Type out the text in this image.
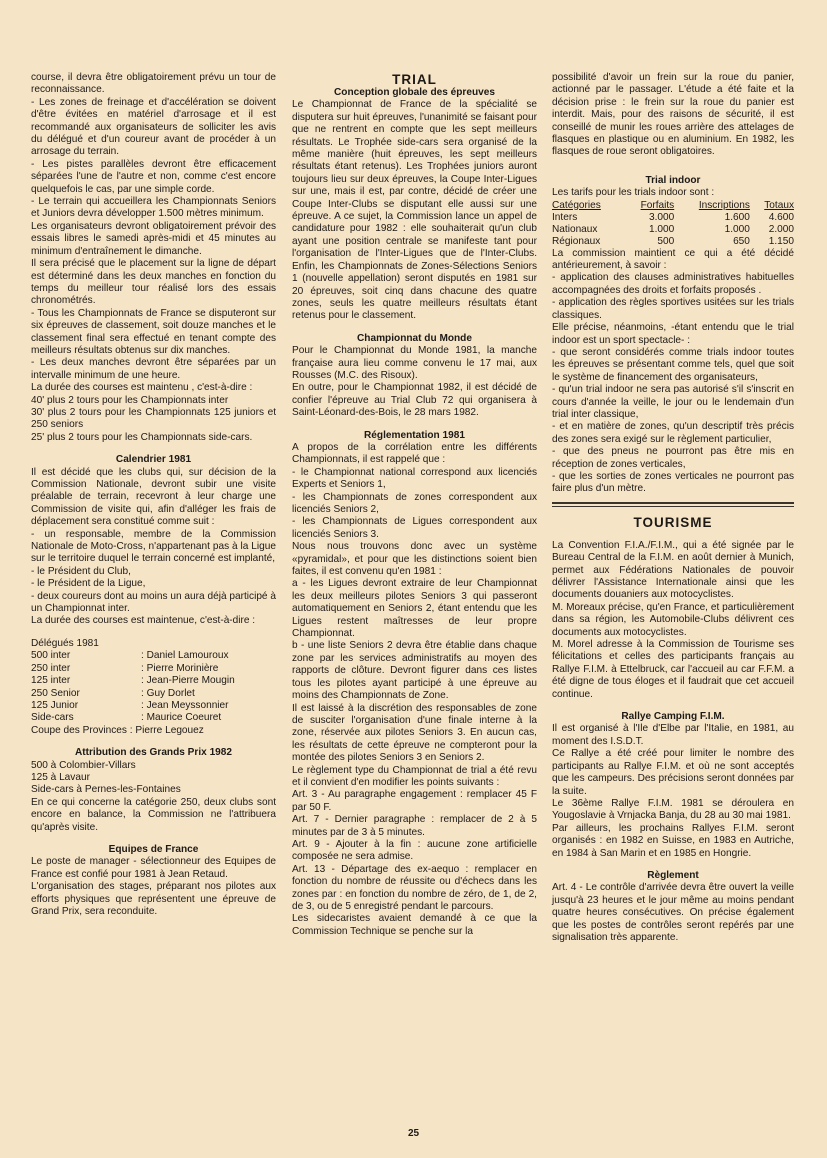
course, il devra être obligatoirement prévu un tour de reconnaissance.

- Les zones de freinage et d'accélération se doivent d'être évitées en matériel d'arrosage et il est recommandé aux organisateurs de solliciter les avis du délégué et d'un coureur avant de procéder à un arrosage du terrain.

- Les pistes parallèles devront être efficacement séparées l'une de l'autre et non, comme c'est encore quelquefois le cas, par une simple corde.

- Le terrain qui accueillera les Championnats Seniors et Juniors devra développer 1.500 mètres minimum.

Les organisateurs devront obligatoirement prévoir des essais libres le samedi après-midi et 45 minutes au minimum d'entraînement le dimanche.

Il sera précisé que le placement sur la ligne de départ est déterminé dans les deux manches en fonction du temps du meilleur tour réalisé lors des essais chronométrés.

- Tous les Championnats de France se disputeront sur six épreuves de classement, soit douze manches et le classement final sera effectué en tenant compte des meilleurs résultats obtenus sur dix manches.

- Les deux manches devront être séparées par un intervalle minimum de une heure.

La durée des courses est maintenu , c'est-à-dire :

40' plus 2 tours pour les Championnats inter

30' plus 2 tours pour les Championnats 125 juniors et 250 seniors

25' plus 2 tours pour les Championnats side-cars.

Calendrier 1981

Il est décidé que les clubs qui, sur décision de la Commission Nationale, devront subir une visite préalable de terrain, recevront à leur charge une Commission de visite qui, afin d'alléger les frais de déplacement sera constitué comme suit :

- un responsable, membre de la Commission Nationale de Moto-Cross, n'appartenant pas à la Ligue sur le territoire duquel le terrain concerné est implanté,

- le Président du Club,

- le Président de la Ligue,

- deux coureurs dont au moins un aura déjà participé à un Championnat inter.

La durée des courses est maintenue, c'est-à-dire :

Délégués 1981

500 inter	: Daniel Lamouroux
250 inter	: Pierre Morinière
125 inter	: Jean-Pierre Mougin
250 Senior	: Guy Dorlet
125 Junior	: Jean Meyssonnier
Side-cars	: Maurice Coeuret

Coupe des Provinces : Pierre Legouez

Attribution des Grands Prix 1982

500 à Colombier-Villars

125 à Lavaur

Side-cars à Pernes-les-Fontaines

En ce qui concerne la catégorie 250, deux clubs sont encore en balance, la Commission ne l'attribuera qu'après visite.

Equipes de France

Le poste de manager - sélectionneur des Equipes de France est confié pour 1981 à Jean Retaud.

L'organisation des stages, préparant nos pilotes aux efforts physiques que représentent une épreuve de Grand Prix, sera reconduite.

TRIAL

Conception globale des épreuves

Le Championnat de France de la spécialité se disputera sur huit épreuves, l'unanimité se faisant pour que ne rentrent en compte que les sept meilleurs résultats. Le Trophée side-cars sera organisé de la même manière (huit épreuves, les sept meilleurs résultats étant retenus). Les Trophées juniors auront toujours lieu sur deux épreuves, la Coupe Inter-Ligues sur une, mais il est, par contre, décidé de créer une Coupe Inter-Clubs se disputant elle aussi sur une épreuve. A ce sujet, la Commission lance un appel de candidature pour 1982 : elle souhaiterait qu'un club ayant une position centrale se manifeste tant pour l'organisation de l'Inter-Ligues que de l'Inter-Clubs. Enfin, les Championnats de Zones-Sélections Seniors 1 (nouvelle appellation) seront disputés en 1981 sur 20 épreuves, soit cinq dans chacune des quatre zones, seuls les quatre meilleurs résultats étant retenus pour le classement.

Championnat du Monde

Pour le Championnat du Monde 1981, la manche française aura lieu comme convenu le 17 mai, aux Rousses (M.C. des Risoux).

En outre, pour le Championnat 1982, il est décidé de confier l'épreuve au Trial Club 72 qui organisera à Saint-Léonard-des-Bois, le 28 mars 1982.

Réglementation 1981

A propos de la corrélation entre les différents Championnats, il est rappelé que :

- le Championnat national correspond aux licenciés Experts et Seniors 1,

- les Championnats de zones correspondent aux licenciés Seniors 2,

- les Championnats de Ligues correspondent aux licenciés Seniors 3.

Nous nous trouvons donc avec un système «pyramidal», et pour que les distinctions soient bien faites, il est convenu qu'en 1981 :

a - les Ligues devront extraire de leur Championnat les deux meilleurs pilotes Seniors 3 qui passeront automatiquement en Seniors 2, étant entendu que les Ligues restent maîtresses de leur propre Championnat.

b - une liste Seniors 2 devra être établie dans chaque zone par les services administratifs au moyen des rapports de clôture. Devront figurer dans ces listes tous les pilotes ayant participé à une épreuve au moins des Championnats de Zone.

Il est laissé à la discrétion des responsables de zone de susciter l'organisation d'une finale interne à la zone, réservée aux pilotes Seniors 3. En aucun cas, les résultats de cette épreuve ne compteront pour la montée des pilotes Seniors 3 en Seniors 2.

Le règlement type du Championnat de trial a été revu et il convient d'en modifier les points suivants :

Art. 3 - Au paragraphe engagement : remplacer 45 F par 50 F.

Art. 7 - Dernier paragraphe : remplacer de 2 à 5 minutes par de 3 à 5 minutes.

Art. 9 - Ajouter à la fin : aucune zone artificielle composée ne sera admise.

Art. 13 - Départage des ex-aequo : remplacer en fonction du nombre de réussite ou d'échecs dans les zones par : en fonction du nombre de zéro, de 1, de 2, de 3, ou de 5 enregistré pendant le parcours.

Les sidecaristes avaient demandé à ce que la Commission Technique se penche sur la

possibilité d'avoir un frein sur la roue du panier, actionné par le passager. L'étude a été faite et la décision prise : le frein sur la roue du panier est interdit. Mais, pour des raisons de sécurité, il est conseillé de munir les roues arrière des attelages de flasques en plastique ou en aluminium. En 1982, les flasques de roue seront obligatoires.

Trial indoor

Les tarifs pour les trials indoor sont :

Catégories	Forfaits	Inscriptions	Totaux
Inters	3.000	1.600	4.600
Nationaux	1.000	1.000	2.000
Régionaux	500	650	1.150

La commission maintient ce qui a été décidé antérieurement, à savoir :

- application des clauses administratives habituelles accompagnées des droits et forfaits proposés .

- application des règles sportives usitées sur les trials classiques.

Elle précise, néanmoins, -étant entendu que le trial indoor est un sport spectacle- :

- que seront considérés comme trials indoor toutes les épreuves se présentant comme tels, quel que soit le système de financement des organisateurs,

- qu'un trial indoor ne sera pas autorisé s'il s'inscrit en cours d'année la veille, le jour ou le lendemain d'un trial inter classique,

- et en matière de zones, qu'un descriptif très précis des zones sera exigé sur le règlement particulier,

- que des pneus ne pourront pas être mis en réception de zones verticales,

- que les sorties de zones verticales ne pourront pas faire plus d'un mètre.

TOURISME

La Convention F.I.A./F.I.M., qui a été signée par le Bureau Central de la F.I.M. en août dernier à Munich, permet aux Fédérations Nationales de pouvoir délivrer l'Assistance Internationale ainsi que les documents douaniers aux motocyclistes.

M. Moreaux précise, qu'en France, et particulièrement dans sa région, les Automobile-Clubs délivrent ces documents aux motocyclistes.

M. Morel adresse à la Commission de Tourisme ses félicitations et celles des participants français au Rallye F.I.M. à Ettelbruck, car l'accueil au car F.F.M. a été digne de tous éloges et il faudrait que cet accueil continue.

Rallye Camping F.I.M.

Il est organisé à l'Ile d'Elbe par l'Italie, en 1981, au moment des I.S.D.T.

Ce Rallye a été créé pour limiter le nombre des participants au Rallye F.I.M. et où ne sont acceptés que les campeurs. Des précisions seront données par la suite.

Le 36ème Rallye F.I.M. 1981 se déroulera en Yougoslavie à Vrnjacka Banja, du 28 au 30 mai 1981.

Par ailleurs, les prochains Rallyes F.I.M. seront organisés : en 1982 en Suisse, en 1983 en Autriche, en 1984 à San Marin et en 1985 en Hongrie.

Règlement

Art. 4 - Le contrôle d'arrivée devra être ouvert la veille jusqu'à 23 heures et le jour même au moins pendant quatre heures consécutives. On précise également que les postes de contrôles seront repérés par une signalisation très apparente.

25
